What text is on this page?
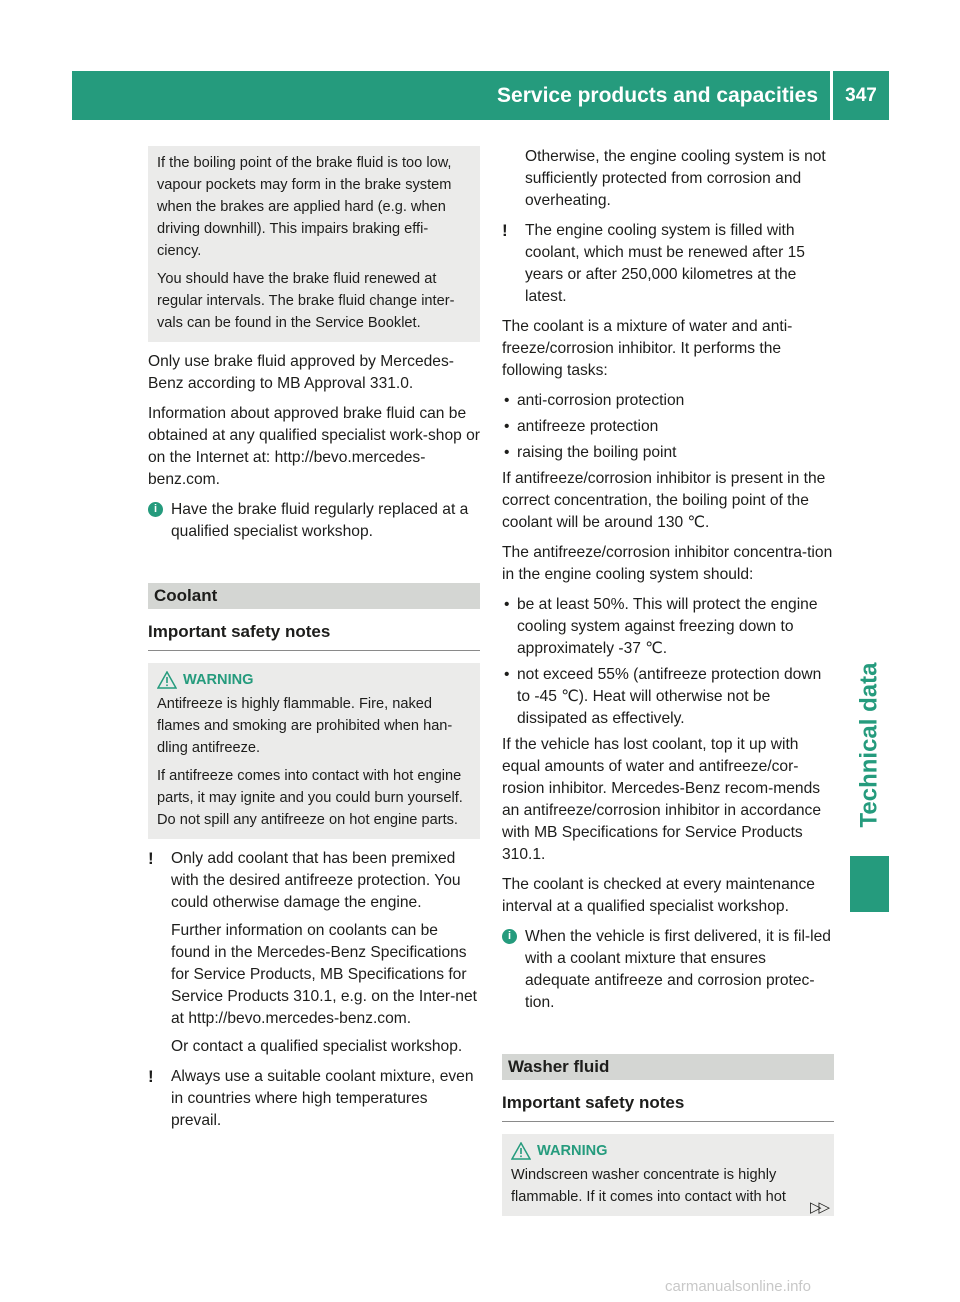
Service products and capacities	347
Technical data

If the boiling point of the brake fluid is too low, vapour pockets may form in the brake system when the brakes are applied hard (e.g. when driving downhill). This impairs braking effi-ciency.

You should have the brake fluid renewed at regular intervals. The brake fluid change inter-vals can be found in the Service Booklet.

Only use brake fluid approved by Mercedes-Benz according to MB Approval 331.0.

Information about approved brake fluid can be obtained at any qualified specialist work-shop or on the Internet at: http://bevo.mercedes-benz.com.

i Have the brake fluid regularly replaced at a qualified specialist workshop.

Coolant
Important safety notes
WARNING

Antifreeze is highly flammable. Fire, naked flames and smoking are prohibited when han-dling antifreeze.

If antifreeze comes into contact with hot engine parts, it may ignite and you could burn yourself. Do not spill any antifreeze on hot engine parts.

! Only add coolant that has been premixed with the desired antifreeze protection. You could otherwise damage the engine.

Further information on coolants can be found in the Mercedes-Benz Specifications for Service Products, MB Specifications for Service Products 310.1, e.g. on the Inter-net at http://bevo.mercedes-benz.com.

Or contact a qualified specialist workshop.

! Always use a suitable coolant mixture, even in countries where high temperatures prevail.

Otherwise, the engine cooling system is not sufficiently protected from corrosion and overheating.

! The engine cooling system is filled with coolant, which must be renewed after 15 years or after 250,000 kilometres at the latest.

The coolant is a mixture of water and anti-freeze/corrosion inhibitor. It performs the following tasks:

• anti-corrosion protection
• antifreeze protection
• raising the boiling point

If antifreeze/corrosion inhibitor is present in the correct concentration, the boiling point of the coolant will be around 130 ℃.

The antifreeze/corrosion inhibitor concentra-tion in the engine cooling system should:

• be at least 50%. This will protect the engine cooling system against freezing down to approximately -37 ℃.
• not exceed 55% (antifreeze protection down to -45 ℃). Heat will otherwise not be dissipated as effectively.

If the vehicle has lost coolant, top it up with equal amounts of water and antifreeze/cor-rosion inhibitor. Mercedes-Benz recom-mends an antifreeze/corrosion inhibitor in accordance with MB Specifications for Service Products 310.1.

The coolant is checked at every maintenance interval at a qualified specialist workshop.

i When the vehicle is first delivered, it is fil-led with a coolant mixture that ensures adequate antifreeze and corrosion protec-tion.

Washer fluid
Important safety notes
WARNING

Windscreen washer concentrate is highly flammable. If it comes into contact with hot

▷▷
carmanualsonline.info
